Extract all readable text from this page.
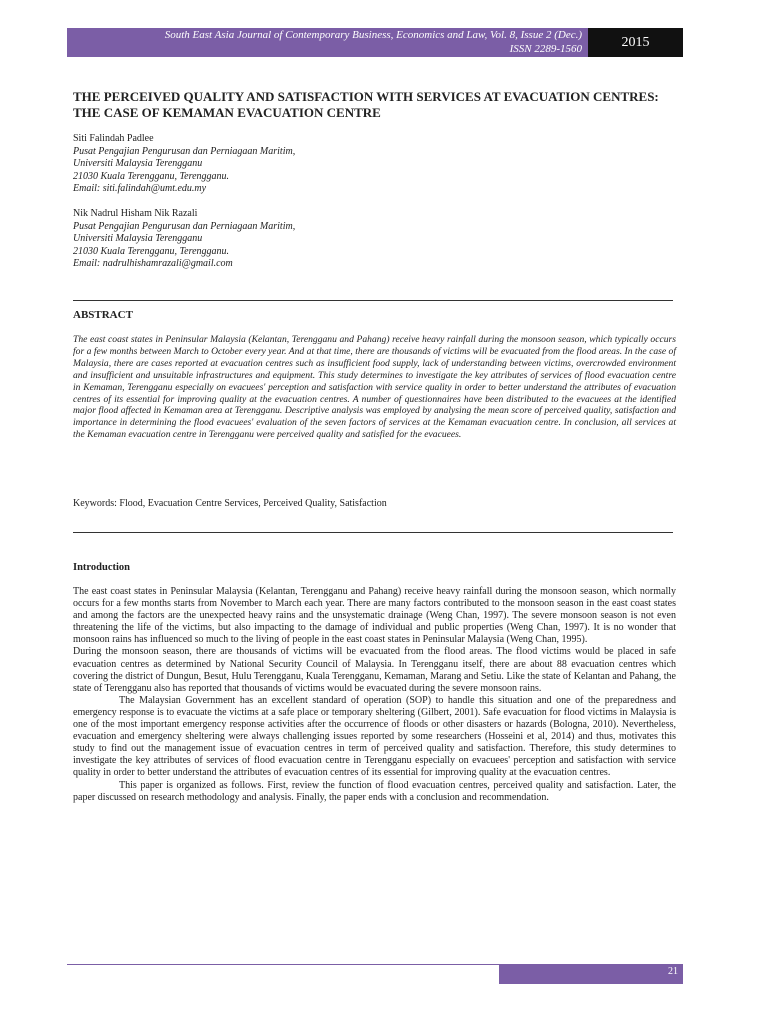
South East Asia Journal of Contemporary Business, Economics and Law, Vol. 8, Issue 2 (Dec.)
ISSN 2289-1560	2015
THE PERCEIVED QUALITY AND SATISFACTION WITH SERVICES AT EVACUATION CENTRES: THE CASE OF KEMAMAN EVACUATION CENTRE
Siti Falindah Padlee
Pusat Pengajian Pengurusan dan Perniagaan Maritim,
Universiti Malaysia Terengganu
21030 Kuala Terengganu, Terengganu.
Email: siti.falindah@umt.edu.my
Nik Nadrul Hisham Nik Razali
Pusat Pengajian Pengurusan dan Perniagaan Maritim,
Universiti Malaysia Terengganu
21030 Kuala Terengganu, Terengganu.
Email: nadrulhishamrazali@gmail.com
ABSTRACT

The east coast states in Peninsular Malaysia (Kelantan, Terengganu and Pahang) receive heavy rainfall during the monsoon season, which typically occurs for a few months between March to October every year. And at that time, there are thousands of victims will be evacuated from the flood areas. In the case of Malaysia, there are cases reported at evacuation centres such as insufficient food supply, lack of understanding between victims, overcrowded environment and insufficient and unsuitable infrastructures and equipment. This study determines to investigate the key attributes of services of flood evacuation centre in Kemaman, Terengganu especially on evacuees' perception and satisfaction with service quality in order to better understand the attributes of evacuation centres of its essential for improving quality at the evacuation centres. A number of questionnaires have been distributed to the evacuees at the identified major flood affected in Kemaman area at Terengganu. Descriptive analysis was employed by analysing the mean score of perceived quality, satisfaction and importance in determining the flood evacuees' evaluation of the seven factors of services at the Kemaman evacuation centre. In conclusion, all services at the Kemaman evacuation centre in Terengganu were perceived quality and satisfied for the evacuees.

Keywords: Flood, Evacuation Centre Services, Perceived Quality, Satisfaction
Introduction

The east coast states in Peninsular Malaysia (Kelantan, Terengganu and Pahang) receive heavy rainfall during the monsoon season, which normally occurs for a few months starts from November to March each year. There are many factors contributed to the monsoon season in the east coast states and among the factors are the unexpected heavy rains and the unsystematic drainage (Weng Chan, 1997). The severe monsoon season is not even threatening the life of the victims, but also impacting to the damage of individual and public properties (Weng Chan, 1997). It is no wonder that monsoon rains has influenced so much to the living of people in the east coast states in Peninsular Malaysia (Weng Chan, 1995).

During the monsoon season, there are thousands of victims will be evacuated from the flood areas. The flood victims would be placed in safe evacuation centres as determined by National Security Council of Malaysia. In Terengganu itself, there are about 88 evacuation centres which covering the district of Dungun, Besut, Hulu Terengganu, Kuala Terengganu, Kemaman, Marang and Setiu. Like the state of Kelantan and Pahang, the state of Terengganu also has reported that thousands of victims would be evacuated during the severe monsoon rains.

The Malaysian Government has an excellent standard of operation (SOP) to handle this situation and one of the preparedness and emergency response is to evacuate the victims at a safe place or temporary sheltering (Gilbert, 2001). Safe evacuation for flood victims in Malaysia is one of the most important emergency response activities after the occurrence of floods or other disasters or hazards (Bologna, 2010). Nevertheless, evacuation and emergency sheltering were always challenging issues reported by some researchers (Hosseini et al, 2014) and thus, motivates this study to find out the management issue of evacuation centres in term of perceived quality and satisfaction. Therefore, this study determines to investigate the key attributes of services of flood evacuation centre in Terengganu especially on evacuees' perception and satisfaction with service quality in order to better understand the attributes of evacuation centres of its essential for improving quality at the evacuation centres.

This paper is organized as follows. First, review the function of flood evacuation centres, perceived quality and satisfaction. Later, the paper discussed on research methodology and analysis. Finally, the paper ends with a conclusion and recommendation.

21
